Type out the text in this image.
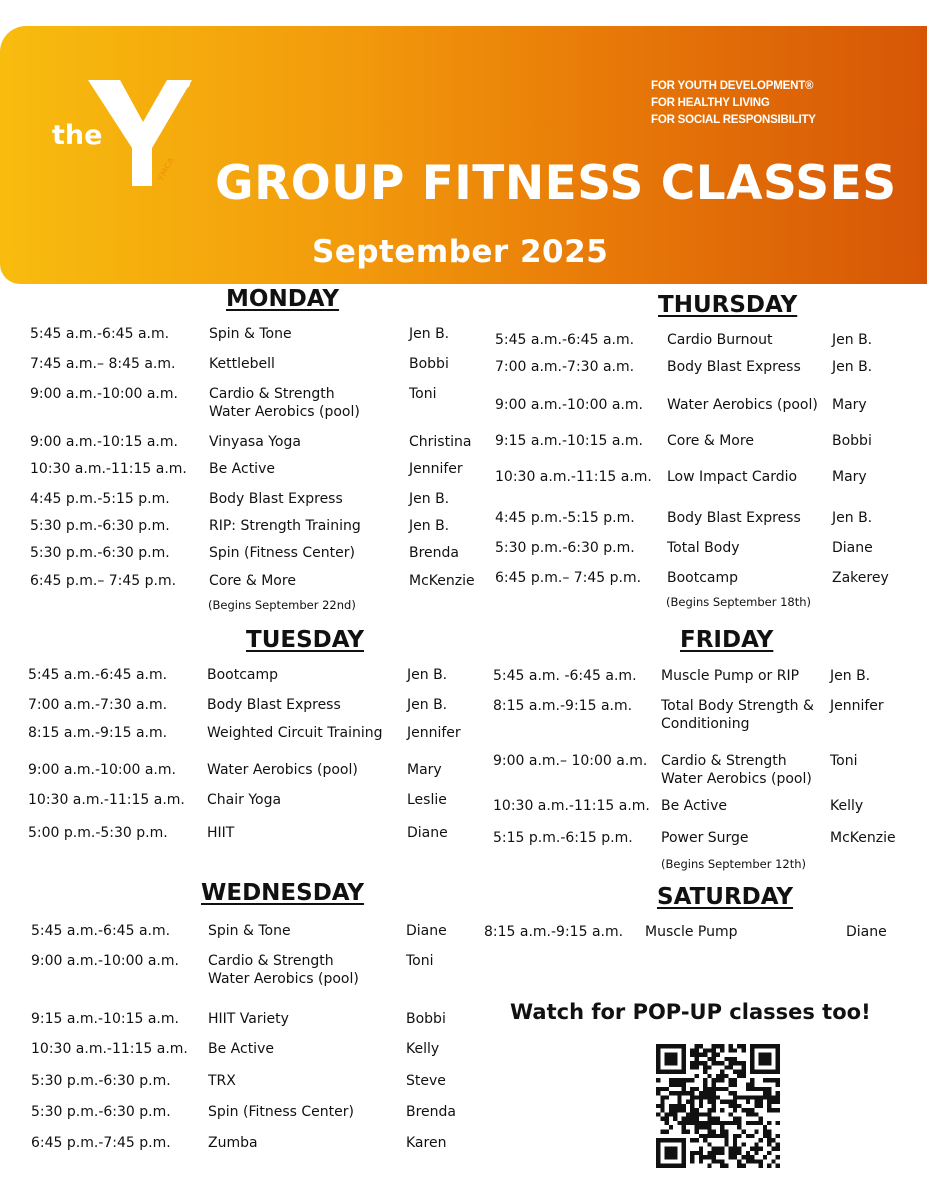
the
YMCA
FOR YOUTH DEVELOPMENT®
FOR HEALTHY LIVING
FOR SOCIAL RESPONSIBILITY
GROUP FITNESS CLASSES
September 2025
MONDAY
5:45 a.m.-6:45 a.m.	Spin & Tone	Jen B.
7:45 a.m.– 8:45 a.m. Kettlebell	Bobbi
9:00 a.m.-10:00 a.m. Cardio & Strength
Water Aerobics (pool)
Toni
9:00 a.m.-10:15 a.m. Vinyasa Yoga	Christina
10:30 a.m.-11:15 a.m. Be Active	Jennifer
4:45 p.m.-5:15 p.m.	Body Blast Express	Jen B.
5:30 p.m.-6:30 p.m.	RIP: Strength Training	Jen B.
5:30 p.m.-6:30 p.m.	Spin (Fitness Center)	Brenda
6:45 p.m.– 7:45 p.m. Core & More	McKenzie
(Begins September 22nd)
TUESDAY
5:45 a.m.-6:45 a.m.	Bootcamp	Jen B.
7:00 a.m.-7:30 a.m.	Body Blast Express	Jen B.
8:15 a.m.-9:15 a.m.	Weighted Circuit Training Jennifer
9:00 a.m.-10:00 a.m. Water Aerobics (pool)	Mary
10:30 a.m.-11:15 a.m. Chair Yoga	Leslie
5:00 p.m.-5:30 p.m.	HIIT	Diane
WEDNESDAY
5:45 a.m.-6:45 a.m.	Spin & Tone	Diane
9:00 a.m.-10:00 a.m. Cardio & Strength
Water Aerobics (pool)
Toni
9:15 a.m.-10:15 a.m. HIIT Variety	Bobbi
10:30 a.m.-11:15 a.m. Be Active	Kelly
5:30 p.m.-6:30 p.m.	TRX	Steve
5:30 p.m.-6:30 p.m.	Spin (Fitness Center)	Brenda
6:45 p.m.-7:45 p.m.	Zumba	Karen
THURSDAY
5:45 a.m.-6:45 a.m. Cardio Burnout	Jen B.
7:00 a.m.-7:30 a.m. Body Blast Express Jen B.
9:00 a.m.-10:00 a.m. Water Aerobics (pool) Mary
9:15 a.m.-10:15 a.m. Core & More	Bobbi
10:30 a.m.-11:15 a.m. Low Impact Cardio Mary
4:45 p.m.-5:15 p.m. Body Blast Express Jen B.
5:30 p.m.-6:30 p.m. Total Body	Diane
6:45 p.m.– 7:45 p.m. Bootcamp	Zakerey
(Begins September 18th)
FRIDAY
5:45 a.m. -6:45 a.m. Muscle Pump or RIP Jen B.
8:15 a.m.-9:15 a.m. Total Body Strength &
Conditioning
Jennifer
9:00 a.m.– 10:00 a.m. Cardio & Strength
Water Aerobics (pool)
Toni
10:30 a.m.-11:15 a.m. Be Active	Kelly
5:15 p.m.-6:15 p.m. Power Surge	McKenzie
(Begins September 12th)
SATURDAY
8:15 a.m.-9:15 a.m. Muscle Pump	Diane
Watch for POP-UP classes too!
